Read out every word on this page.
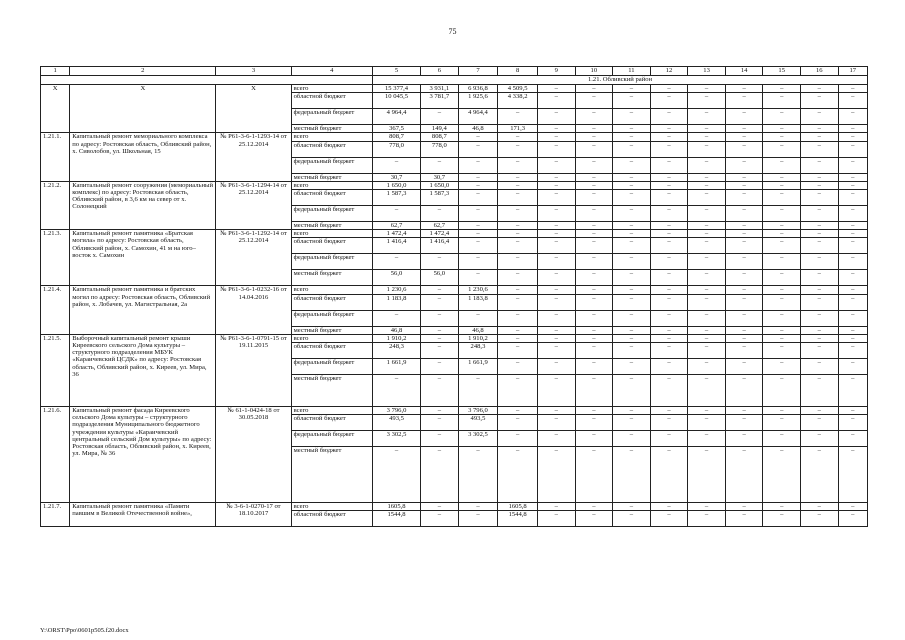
75
1	2	3	4	5	6	7	8	9	10	11	12	13	14	15	16	17
				1.21. Обливский район												
Х	Х	Х	всего	15 377,4	3 931,1	6 936,8	4 509,5	–	–	–	–	–	–	–	–	–
			областной бюджет	10 045,5	3 781,7	1 925,6	4 338,2	–	–	–	–	–	–	–	–	–
			федеральный бюджет	4 964,4	–	4 964,4	–	–	–	–	–	–	–	–	–	–
			местный бюджет	367,5	149,4	46,8	171,3	–	–	–	–	–	–	–	–	–
1.21.1.	Капитальный ремонт мемориального комплекса по адресу: Ростовская область, Обливский район, х. Сиволобов, ул. Школьная, 15	№ Р61-3-6-1-1293-14 от 25.12.2014	всего	808,7	808,7	–	–	–	–	–	–	–	–	–	–	–
			областной бюджет	778,0	778,0	–	–	–	–	–	–	–	–	–	–	–
			федеральный бюджет	–	–	–	–	–	–	–	–	–	–	–	–	–
			местный бюджет	30,7	30,7	–	–	–	–	–	–	–	–	–	–	–
1.21.2.	Капитальный ремонт сооружения (мемориальный комплекс) по адресу: Ростовская область, Обливский район, в 3,6 км на север от х. Солонецкий	№ Р61-3-6-1-1294-14 от 25.12.2014	всего	1 650,0	1 650,0	–	–	–	–	–	–	–	–	–	–	–
			областной бюджет	1 587,3	1 587,3	–	–	–	–	–	–	–	–	–	–	–
			федеральный бюджет	–	–	–	–	–	–	–	–	–	–	–	–	–
			местный бюджет	62,7	62,7	–	–	–	–	–	–	–	–	–	–	–
1.21.3.	Капитальный ремонт памятника «Братская могила» по адресу: Ростовская область, Обливский район, х. Самохин, 41 м на юго–восток х. Самохин	№ Р61-3-6-1-1292-14 от 25.12.2014	всего	1 472,4	1 472,4	–	–	–	–	–	–	–	–	–	–	–
			областной бюджет	1 416,4	1 416,4	–	–	–	–	–	–	–	–	–	–	–
			федеральный бюджет	–	–	–	–	–	–	–	–	–	–	–	–	–
			местный бюджет	56,0	56,0	–	–	–	–	–	–	–	–	–	–	–
1.21.4.	Капитальный ремонт памятника и братских могил по адресу: Ростовская область, Обливский район, х. Лобачев, ул. Магистральная, 2а	№ Р61-3-6-1-0232-16 от 14.04.2016	всего	1 230,6	–	1 230,6	–	–	–	–	–	–	–	–	–	–
			областной бюджет	1 183,8	–	1 183,8	–	–	–	–	–	–	–	–	–	–
			федеральный бюджет	–	–	–	–	–	–	–	–	–	–	–	–	–
			местный бюджет	46,8	–	46,8	–	–	–	–	–	–	–	–	–	–
1.21.5.	Выборочный капитальный ремонт крыши Киреевского сельского Дома культуры – структурного подразделения МБУК «Караичевский ЦСДК» по адресу: Ростовская область, Обливский район, х. Киреев, ул. Мира, 36	№ Р61-3-6-1-0791-15 от 19.11.2015	всего	1 910,2	–	1 910,2	–	–	–	–	–	–	–	–	–	–
			областной бюджет	248,3	–	248,3	–	–	–	–	–	–	–	–	–	–
			федеральный бюджет	1 661,9	–	1 661,9	–	–	–	–	–	–	–	–	–	–
			местный бюджет	–	–	–	–	–	–	–	–	–	–	–	–	–
1.21.6.	Капитальный ремонт фасада Киреевского сельского Дома культуры – структурного подразделения Муниципального бюджетного учреждения культуры «Караичевский центральный сельский Дом культуры» по адресу: Ростовская область, Обливский район, х. Киреев, ул. Мира, № 36	№ 61-1-0424-18 от 30.05.2018	всего	3 796,0	–	3 796,0	–	–	–	–	–	–	–	–	–	–
			областной бюджет	493,5	–	493,5	–	–	–	–	–	–	–	–	–	–
			федеральный бюджет	3 302,5	–	3 302,5	–	–	–	–	–	–	–	–	–	–
			местный бюджет	–	–	–	–	–	–	–	–	–	–	–	–	–
1.21.7.	Капитальный ремонт памятника «Памяти павшим в Великой Отечественной войне»,	№ 3-6-1-0270-17 от 18.10.2017	всего	1605,8	–	–	1605,8	–	–	–	–	–	–	–	–	–
			областной бюджет	1544,8	–	–	1544,8	–	–	–	–	–	–	–	–	–
Y:\ORST\Ppo\0601p505.f20.docx
